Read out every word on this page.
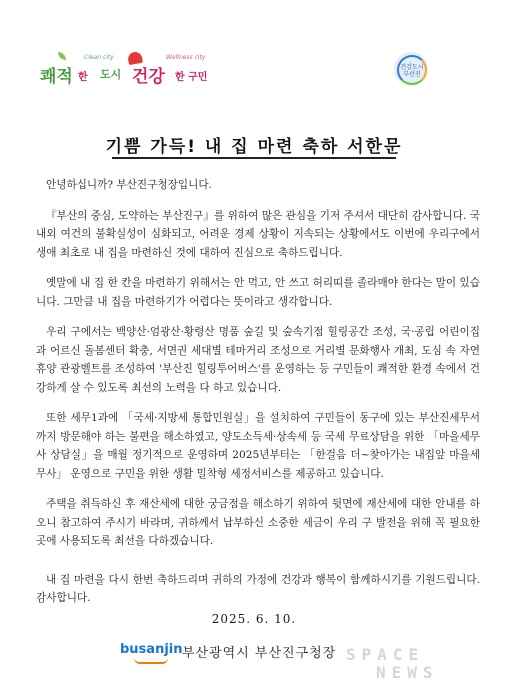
Clean city	Wellness city
쾌적 한 도시 건강 한 구민
건강도시 부산진
기쁨 가득! 내 집 마련 축하 서한문

안녕하십니까? 부산진구청장입니다.

『부산의 중심, 도약하는 부산진구』를 위하여 많은 관심을 기저 주셔서 대단히 감사합니다. 국내외 여건의 불확실성이 심화되고, 어려운 경제 상황이 지속되는 상황에서도 이번에 우리구에서 생애 최초로 내 집을 마련하신 것에 대하여 진심으로 축하드립니다.

옛말에 내 집 한 칸을 마련하기 위해서는 안 먹고, 안 쓰고 허리띠를 졸라매야 한다는 말이 있습니다. 그만큼 내 집을 마련하기가 어렵다는 뜻이라고 생각합니다.

우리 구에서는 백양산·엄광산·황령산 명품 숲길 및 숲속기점 힐링공간 조성, 국·공립 어린이집과 어르신 돌봄센터 확충, 서면권 세대별 테마거리 조성으로 거리별 문화행사 개최, 도심 속 자연휴양 관광벨트를 조성하여 '부산진 힐링투어버스'를 운영하는 등 구민들이 쾌적한 환경 속에서 건강하게 살 수 있도록 최선의 노력을 다 하고 있습니다.

또한 세무1과에 「국세·지방세 통합민원실」을 설치하여 구민들이 동구에 있는 부산진세무서까지 방문해야 하는 불편을 해소하였고, 양도소득세·상속세 등 국세 무료상담을 위한 「마을세무사 상담실」을 매월 정기적으로 운영하며 2025년부터는 「한걸음 더~찾아가는 내집앞 마을세무사」 운영으로 구민을 위한 생활 밀착형 세정서비스를 제공하고 있습니다.

주택을 취득하신 후 재산세에 대한 궁금점을 해소하기 위하여 뒷면에 재산세에 대한 안내를 하오니 참고하여 주시기 바라며, 귀하께서 납부하신 소중한 세금이 우리 구 발전을 위해 꼭 필요한 곳에 사용되도록 최선을 다하겠습니다.

내 집 마련을 다시 한번 축하드리며 귀하의 가정에 건강과 행복이 함께하시기를 기원드립니다. 감사합니다.

2025. 6. 10.
busanjin 부산광역시 부산진구청장 SPACE
NEWS
